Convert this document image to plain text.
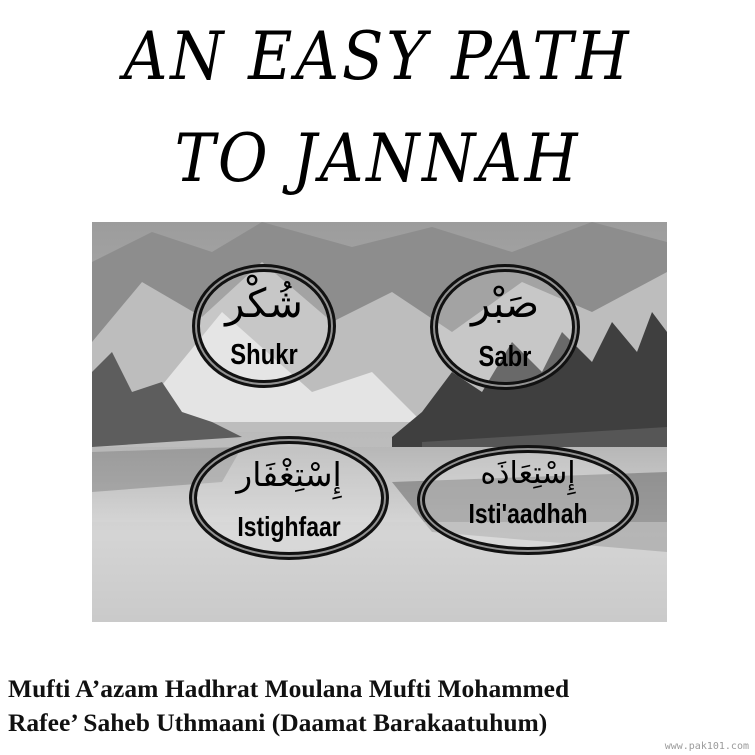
AN EASY PATH
TO JANNAH
شُكْر
Shukr
صَبْر
Sabr
إِسْتِغْفَار
Istighfaar
إِسْتِعَاذَه
Isti'aadhah
Mufti A’azam Hadhrat Moulana Mufti Mohammed
Rafee’ Saheb Uthmaani (Daamat Barakaatuhum)
www.pak101.com
